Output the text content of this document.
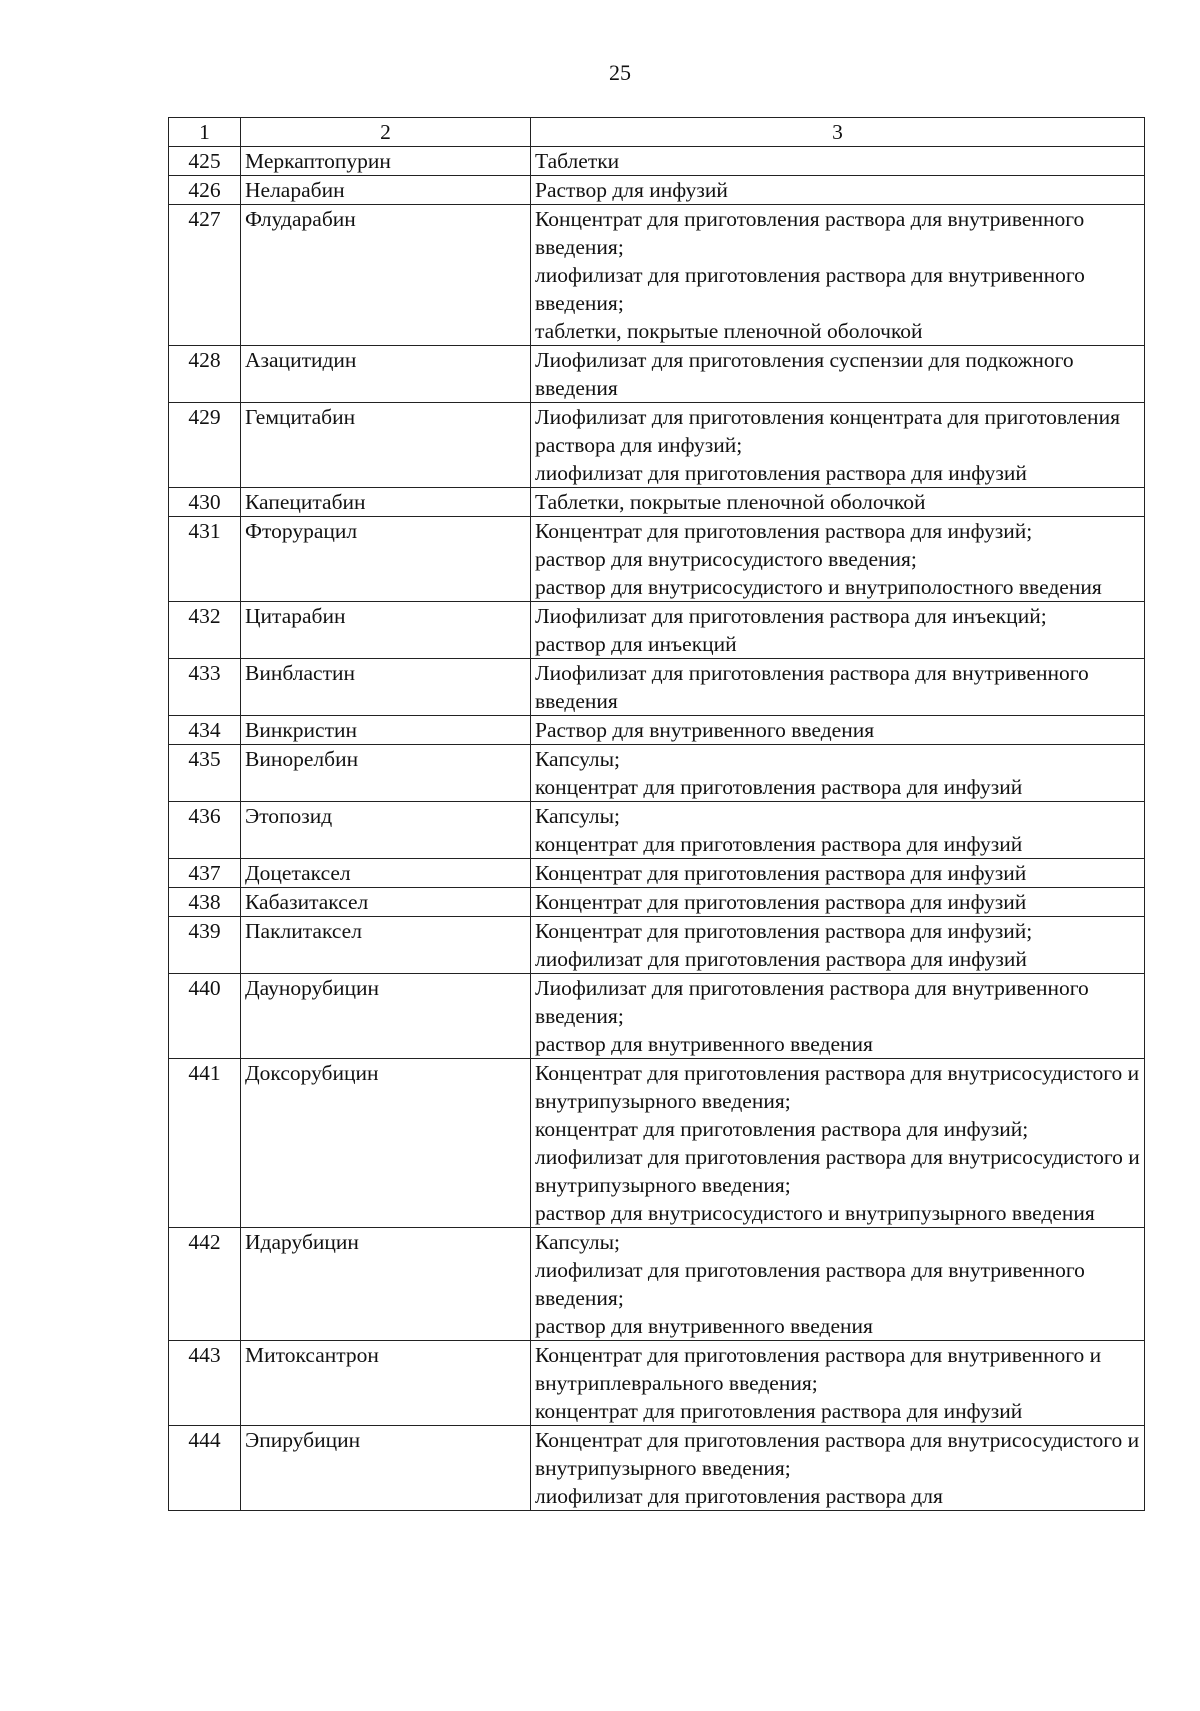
25
1	2	3
425	Меркаптопурин	Таблетки

426	Неларабин	Раствор для инфузий

427	Флударабин	Концентрат для приготовления раствора для внутривенного введения;
лиофилизат для приготовления раствора для внутривенного введения;
таблетки, покрытые пленочной оболочкой

428	Азацитидин	Лиофилизат для приготовления суспензии для подкожного введения

429	Гемцитабин	Лиофилизат для приготовления концентрата для приготовления раствора для инфузий;
лиофилизат для приготовления раствора для инфузий

430	Капецитабин	Таблетки, покрытые пленочной оболочкой

431	Фторурацил	Концентрат для приготовления раствора для инфузий;
раствор для внутрисосудистого введения;
раствор для внутрисосудистого и внутриполостного введения

432	Цитарабин	Лиофилизат для приготовления раствора для инъекций;
раствор для инъекций

433	Винбластин	Лиофилизат для приготовления раствора для внутривенного введения

434	Винкристин	Раствор для внутривенного введения

435	Винорелбин	Капсулы;
концентрат для приготовления раствора для инфузий

436	Этопозид	Капсулы;
концентрат для приготовления раствора для инфузий

437	Доцетаксел	Концентрат для приготовления раствора для инфузий

438	Кабазитаксел	Концентрат для приготовления раствора для инфузий

439	Паклитаксел	Концентрат для приготовления раствора для инфузий;
лиофилизат для приготовления раствора для инфузий

440	Даунорубицин	Лиофилизат для приготовления раствора для внутривенного введения;
раствор для внутривенного введения

441	Доксорубицин	Концентрат для приготовления раствора для внутрисосудистого и внутрипузырного введения;
концентрат для приготовления раствора для инфузий;
лиофилизат для приготовления раствора для внутрисосудистого и внутрипузырного введения;
раствор для внутрисосудистого и внутрипузырного введения

442	Идарубицин	Капсулы;
лиофилизат для приготовления раствора для внутривенного введения;
раствор для внутривенного введения

443	Митоксантрон	Концентрат для приготовления раствора для внутривенного и внутриплеврального введения;
концентрат для приготовления раствора для инфузий

444	Эпирубицин	Концентрат для приготовления раствора для внутрисосудистого и внутрипузырного введения;
лиофилизат для приготовления раствора для
